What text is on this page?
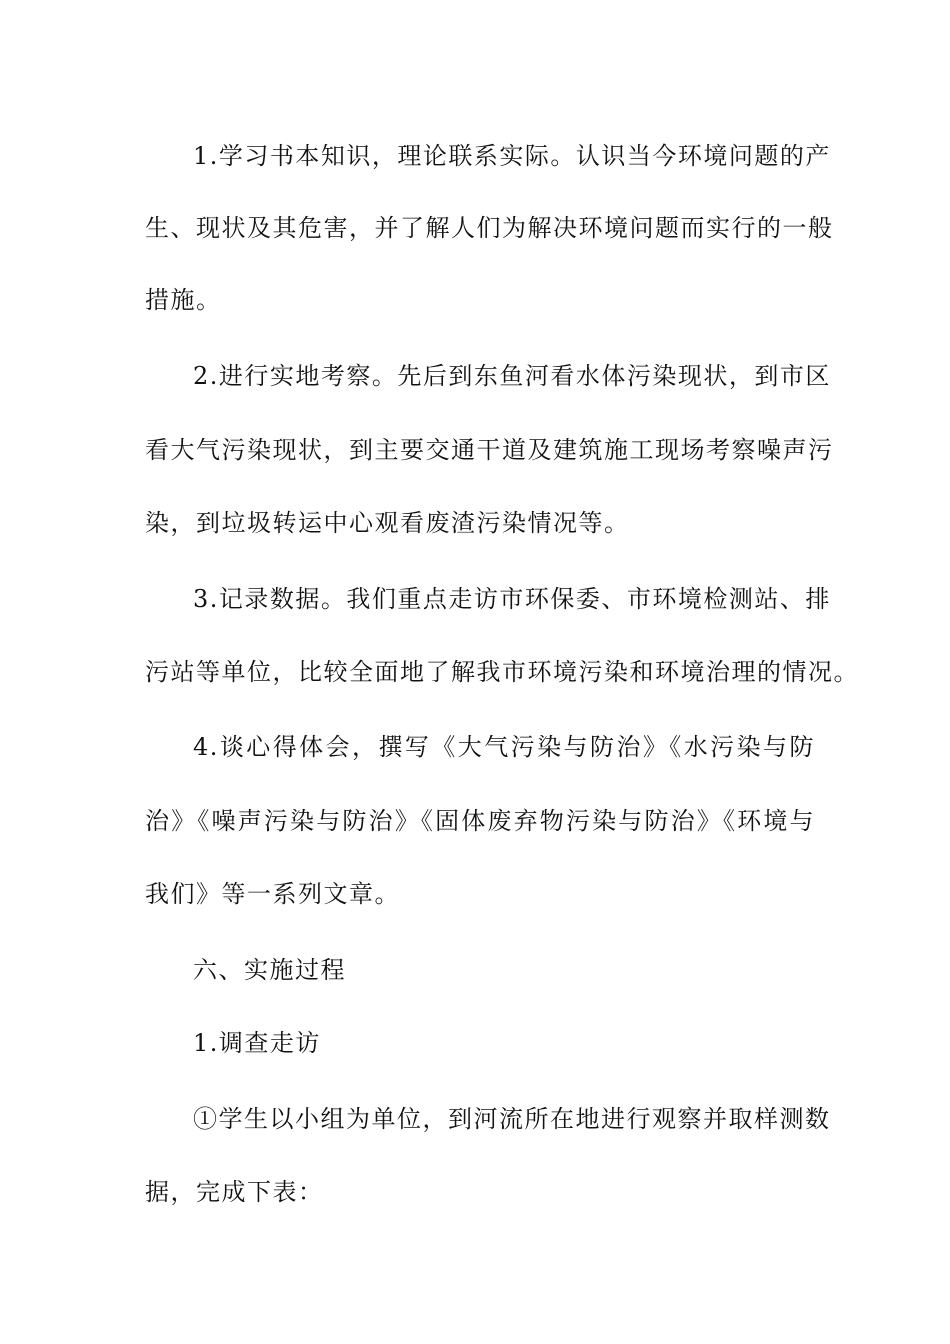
1.学习书本知识，理论联系实际。认识当今环境问题的产
生、现状及其危害，并了解人们为解决环境问题而实行的一般
措施。
2.进行实地考察。先后到东鱼河看水体污染现状，到市区
看大气污染现状，到主要交通干道及建筑施工现场考察噪声污
染，到垃圾转运中心观看废渣污染情况等。
3.记录数据。我们重点走访市环保委、市环境检测站、排
污站等单位，比较全面地了解我市环境污染和环境治理的情况。
4.谈心得体会，撰写《大气污染与防治》《水污染与防
治》《噪声污染与防治》《固体废弃物污染与防治》《环境与
我们》等一系列文章。
六、实施过程
1.调查走访
①学生以小组为单位，到河流所在地进行观察并取样测数
据，完成下表：
